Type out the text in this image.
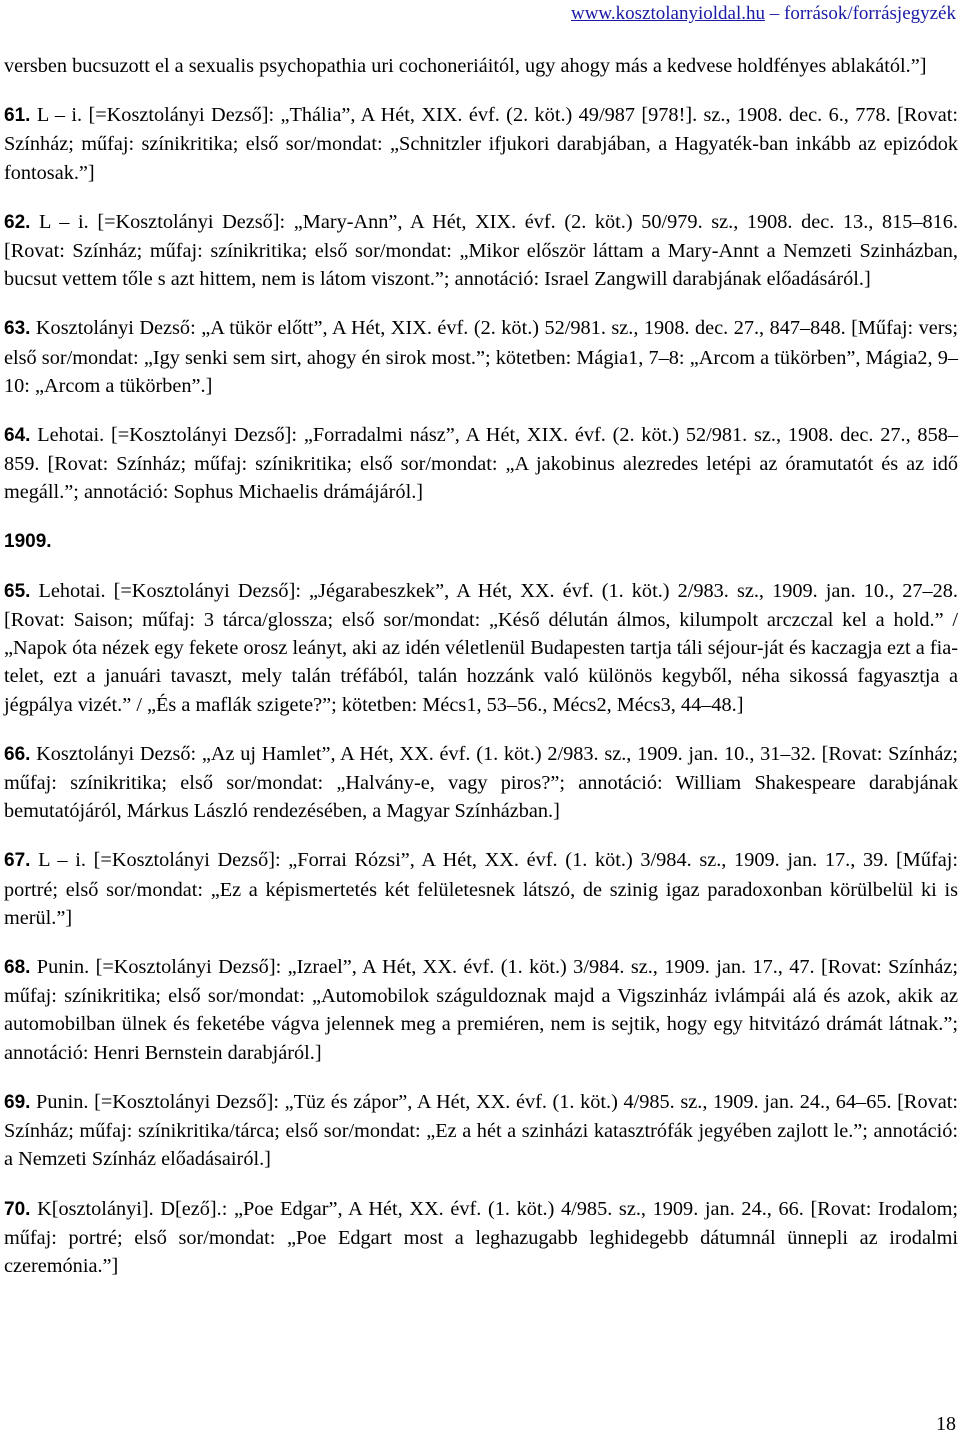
www.kosztolanyioldal.hu – források/forrásjegyzék

versben bucsuzott el a sexualis psychopathia uri cochoneriáitól, ugy ahogy más a kedvese holdfényes ablakától.”]

61. L – i. [=Kosztolányi Dezső]: „Thália”, A Hét, XIX. évf. (2. köt.) 49/987 [978!]. sz., 1908. dec. 6., 778. [Rovat: Színház; műfaj: színikritika; első sor/mondat: „Schnitzler ifjukori darabjában, a Hagyaték-ban inkább az epizódok fontosak.”]

62. L – i. [=Kosztolányi Dezső]: „Mary-Ann”, A Hét, XIX. évf. (2. köt.) 50/979. sz., 1908. dec. 13., 815–816. [Rovat: Színház; műfaj: színikritika; első sor/mondat: „Mikor először láttam a Mary-Annt a Nemzeti Szinházban, bucsut vettem tőle s azt hittem, nem is látom viszont.”; annotáció: Israel Zangwill darabjának előadásáról.]

63. Kosztolányi Dezső: „A tükör előtt”, A Hét, XIX. évf. (2. köt.) 52/981. sz., 1908. dec. 27., 847–848. [Műfaj: vers; első sor/mondat: „Igy senki sem sirt, ahogy én sirok most.”; kötetben: Mágia1, 7–8: „Arcom a tükörben”, Mágia2, 9–10: „Arcom a tükörben”.]

64. Lehotai. [=Kosztolányi Dezső]: „Forradalmi nász”, A Hét, XIX. évf. (2. köt.) 52/981. sz., 1908. dec. 27., 858–859. [Rovat: Színház; műfaj: színikritika; első sor/mondat: „A jakobinus alezredes letépi az óramutatót és az idő megáll.”; annotáció: Sophus Michaelis drámájáról.]

1909.

65. Lehotai. [=Kosztolányi Dezső]: „Jégarabeszkek”, A Hét, XX. évf. (1. köt.) 2/983. sz., 1909. jan. 10., 27–28. [Rovat: Saison; műfaj: 3 tárca/glossza; első sor/mondat: „Késő délután álmos, kilumpolt arczczal kel a hold.” / „Napok óta nézek egy fekete orosz leányt, aki az idén véletlenül Budapesten tartja táli séjour-ját és kaczagja ezt a fia-telet, ezt a januári tavaszt, mely talán tréfából, talán hozzánk való különös kegyből, néha sikossá fagyasztja a jégpálya vizét.” / „És a maflák szigete?”; kötetben: Mécs1, 53–56., Mécs2, Mécs3, 44–48.]

66. Kosztolányi Dezső: „Az uj Hamlet”, A Hét, XX. évf. (1. köt.) 2/983. sz., 1909. jan. 10., 31–32. [Rovat: Színház; műfaj: színikritika; első sor/mondat: „Halvány-e, vagy piros?”; annotáció: William Shakespeare darabjának bemutatójáról, Márkus László rendezésében, a Magyar Színházban.]

67. L – i. [=Kosztolányi Dezső]: „Forrai Rózsi”, A Hét, XX. évf. (1. köt.) 3/984. sz., 1909. jan. 17., 39. [Műfaj: portré; első sor/mondat: „Ez a képismertetés két felületesnek látszó, de szinig igaz paradoxonban körülbelül ki is merül.”]

68. Punin. [=Kosztolányi Dezső]: „Izrael”, A Hét, XX. évf. (1. köt.) 3/984. sz., 1909. jan. 17., 47. [Rovat: Színház; műfaj: színikritika; első sor/mondat: „Automobilok száguldoznak majd a Vigszinház ivlámpái alá és azok, akik az automobilban ülnek és feketébe vágva jelennek meg a premiéren, nem is sejtik, hogy egy hitvitázó drámát látnak.”; annotáció: Henri Bernstein darabjáról.]

69. Punin. [=Kosztolányi Dezső]: „Tüz és zápor”, A Hét, XX. évf. (1. köt.) 4/985. sz., 1909. jan. 24., 64–65. [Rovat: Színház; műfaj: színikritika/tárca; első sor/mondat: „Ez a hét a szinházi katasztrófák jegyében zajlott le.”; annotáció: a Nemzeti Színház előadásairól.]

70. K[osztolányi]. D[ező].: „Poe Edgar”, A Hét, XX. évf. (1. köt.) 4/985. sz., 1909. jan. 24., 66. [Rovat: Irodalom; műfaj: portré; első sor/mondat: „Poe Edgart most a leghazugabb leghidegebb dátumnál ünnepli az irodalmi czeremónia.”]

18
